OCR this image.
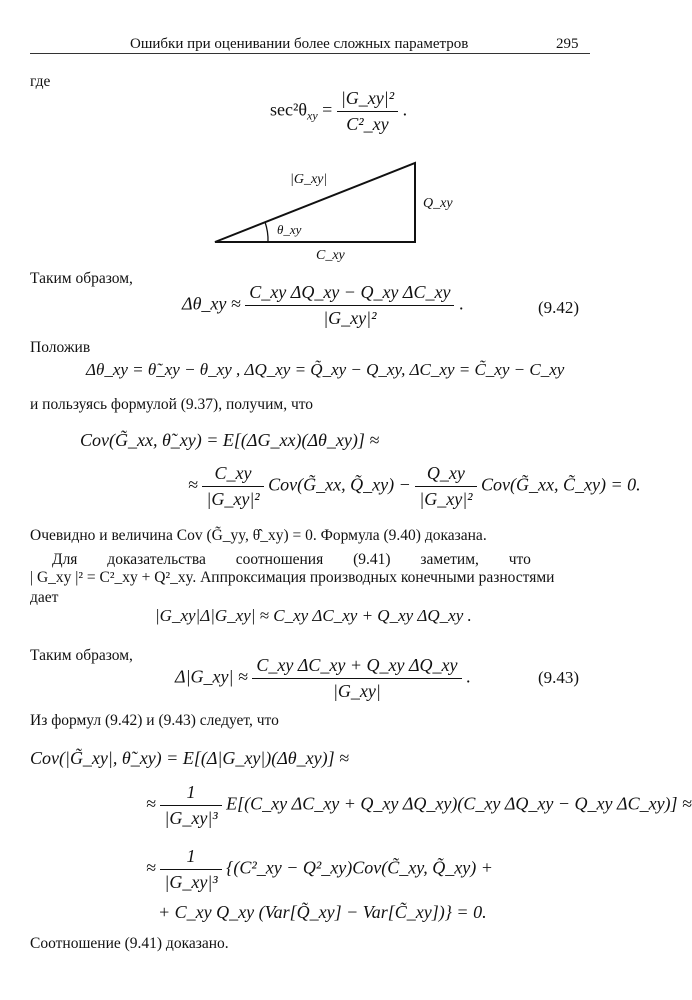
Ошибки при оценивании более сложных параметров	295
где
$\sec^2\theta_{xy} = \frac{\text{|G\_xy|²}}{\text{C²\_xy}}$ .
|G_xy|
Q_xy
θ_xy
C_xy
Таким образом,
Δθ_xy ≈ $\frac{\text{C\_xy ΔQ\_xy − Q\_xy ΔC\_xy}}{\text{|G\_xy|²}}$ .	(9.42)
Положив
Δθ_xy = θ̃_xy − θ_xy , ΔQ_xy = Q̃_xy − Q_xy, ΔC_xy = C̃_xy − C_xy
и пользуясь формулой (9.37), получим, что
Cov(G̃_xx, θ̃_xy) = E[(ΔG_xx)(Δθ_xy)] ≈
≈ $\frac{C\_xy}{\text{|G\_xy|²}}$ Cov(G̃_xx, Q̃_xy) − $\frac{Q\_xy}{\text{|G\_xy|²}}$ Cov(G̃_xx, C̃_xy) = 0.
Очевидно и величина Cov (G̃_yy, θ̂_xy) = 0. Формула (9.40) доказана.
Для доказательства соотношения (9.41) заметим, что
| G_xy |² = C²_xy + Q²_xy. Аппроксимация производных конечными разностями
дает
|G_xy|Δ|G_xy| ≈ C_xy ΔC_xy + Q_xy ΔQ_xy .
Таким образом,
Δ|G_xy| ≈ $\frac{\text{C\_xy ΔC\_xy + Q\_xy ΔQ\_xy}}{|G\_xy|}$ .	(9.43)
Из формул (9.42) и (9.43) следует, что
Cov(|G̃_xy|, θ̃_xy) = E[(Δ|G_xy|)(Δθ_xy)] ≈
≈ $\frac{1}{\text{|G\_xy|³}}$ E[(C_xy ΔC_xy + Q_xy ΔQ_xy)(C_xy ΔQ_xy − Q_xy ΔC_xy)] ≈
≈ $\frac{1}{\text{|G\_xy|³}}$ {(C²_xy − Q²_xy)Cov(C̃_xy, Q̃_xy) +
+ C_xy Q_xy (Var[Q̃_xy] − Var[C̃_xy])} = 0.
Соотношение (9.41) доказано.
